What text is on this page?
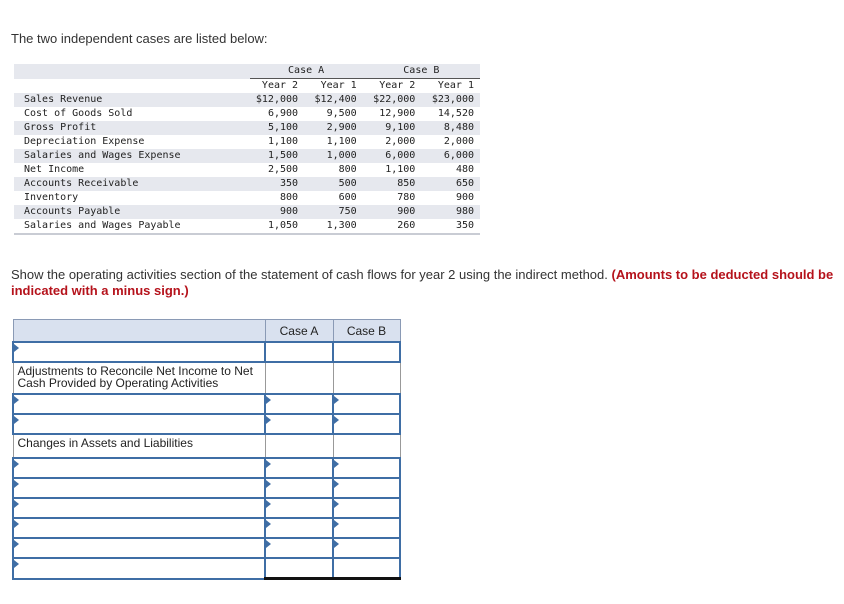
The two independent cases are listed below:
	Case A		Case B	
	Year 2	Year 1	Year 2	Year 1
Sales Revenue	$12,000	$12,400	$22,000	$23,000
Cost of Goods Sold	6,900	9,500	12,900	14,520
Gross Profit	5,100	2,900	9,100	8,480
Depreciation Expense	1,100	1,100	2,000	2,000
Salaries and Wages Expense	1,500	1,000	6,000	6,000
Net Income	2,500	800	1,100	480
Accounts Receivable	350	500	850	650
Inventory	800	600	780	900
Accounts Payable	900	750	900	980
Salaries and Wages Payable	1,050	1,300	260	350
Show the operating activities section of the statement of cash flows for year 2 using the indirect method. (Amounts to be deducted should be indicated with a minus sign.)
	Case A	Case B

Adjustments to Reconcile Net Income to Net Cash Provided by Operating Activities		

Changes in Assets and Liabilities		
